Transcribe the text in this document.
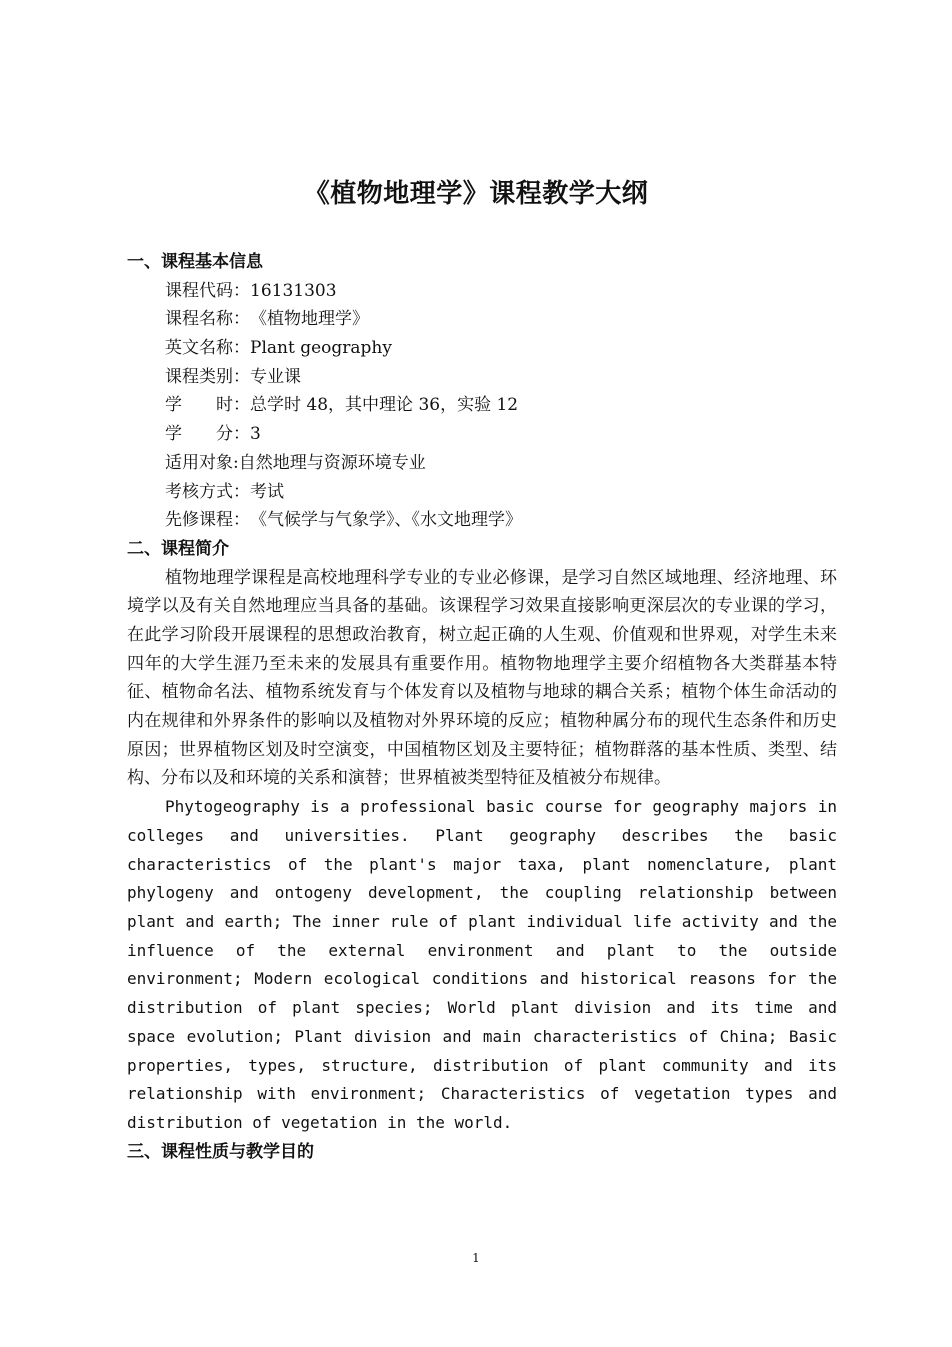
《植物地理学》课程教学大纲
一、课程基本信息
课程代码：16131303
课程名称：《植物地理学》
英文名称：Plant geography
课程类别：专业课
学　　时：总学时 48，其中理论 36，实验 12
学　　分：3
适用对象:自然地理与资源环境专业
考核方式：考试
先修课程：《气候学与气象学》、《水文地理学》
二、课程简介

植物地理学课程是高校地理科学专业的专业必修课，是学习自然区域地理、经济地理、环境学以及有关自然地理应当具备的基础。该课程学习效果直接影响更深层次的专业课的学习，在此学习阶段开展课程的思想政治教育，树立起正确的人生观、价值观和世界观，对学生未来四年的大学生涯乃至未来的发展具有重要作用。植物物地理学主要介绍植物各大类群基本特征、植物命名法、植物系统发育与个体发育以及植物与地球的耦合关系；植物个体生命活动的内在规律和外界条件的影响以及植物对外界环境的反应；植物种属分布的现代生态条件和历史原因；世界植物区划及时空演变，中国植物区划及主要特征；植物群落的基本性质、类型、结构、分布以及和环境的关系和演替；世界植被类型特征及植被分布规律。

Phytogeography is a professional basic course for geography majors in colleges and universities. Plant geography describes the basic characteristics of the plant's major taxa, plant nomenclature, plant phylogeny and ontogeny development, the coupling relationship between plant and earth; The inner rule of plant individual life activity and the influence of the external environment and plant to the outside environment; Modern ecological conditions and historical reasons for the distribution of plant species; World plant division and its time and space evolution; Plant division and main characteristics of China; Basic properties, types, structure, distribution of plant community and its relationship with environment; Characteristics of vegetation types and distribution of vegetation in the world.

三、课程性质与教学目的
1
